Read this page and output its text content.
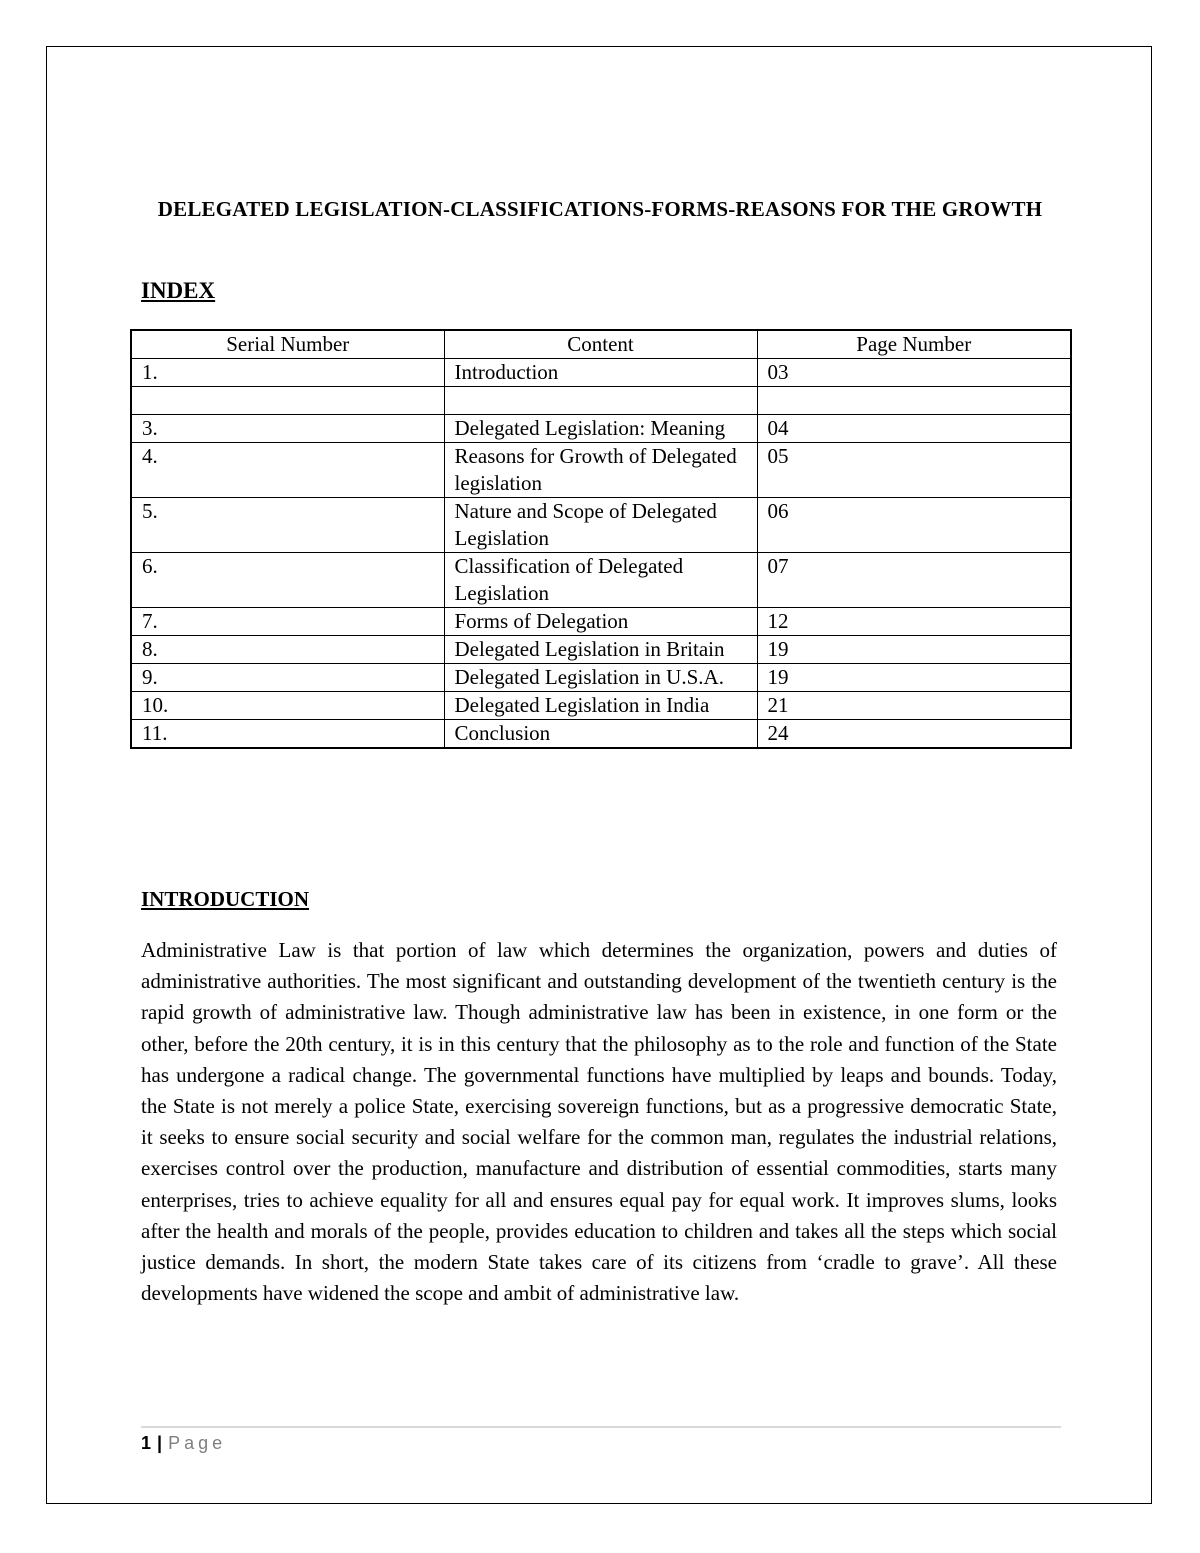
DELEGATED LEGISLATION-CLASSIFICATIONS-FORMS-REASONS FOR THE GROWTH
INDEX
Serial Number	Content	Page Number
1.	Introduction	03

3.	Delegated Legislation: Meaning	04
4.	Reasons for Growth of Delegated legislation	05
5.	Nature and Scope of Delegated Legislation	06
6.	Classification of Delegated Legislation	07
7.	Forms of Delegation	12
8.	Delegated Legislation in Britain	19
9.	Delegated Legislation in U.S.A.	19
10.	Delegated Legislation in India	21
11.	Conclusion	24
INTRODUCTION

Administrative Law is that portion of law which determines the organization, powers and duties of administrative authorities. The most significant and outstanding development of the twentieth century is the rapid growth of administrative law. Though administrative law has been in existence, in one form or the other, before the 20th century, it is in this century that the philosophy as to the role and function of the State has undergone a radical change. The governmental functions have multiplied by leaps and bounds. Today, the State is not merely a police State, exercising sovereign functions, but as a progressive democratic State, it seeks to ensure social security and social welfare for the common man, regulates the industrial relations, exercises control over the production, manufacture and distribution of essential commodities, starts many enterprises, tries to achieve equality for all and ensures equal pay for equal work. It improves slums, looks after the health and morals of the people, provides education to children and takes all the steps which social justice demands. In short, the modern State takes care of its citizens from ‘cradle to grave’. All these developments have widened the scope and ambit of administrative law.

1 | Page
